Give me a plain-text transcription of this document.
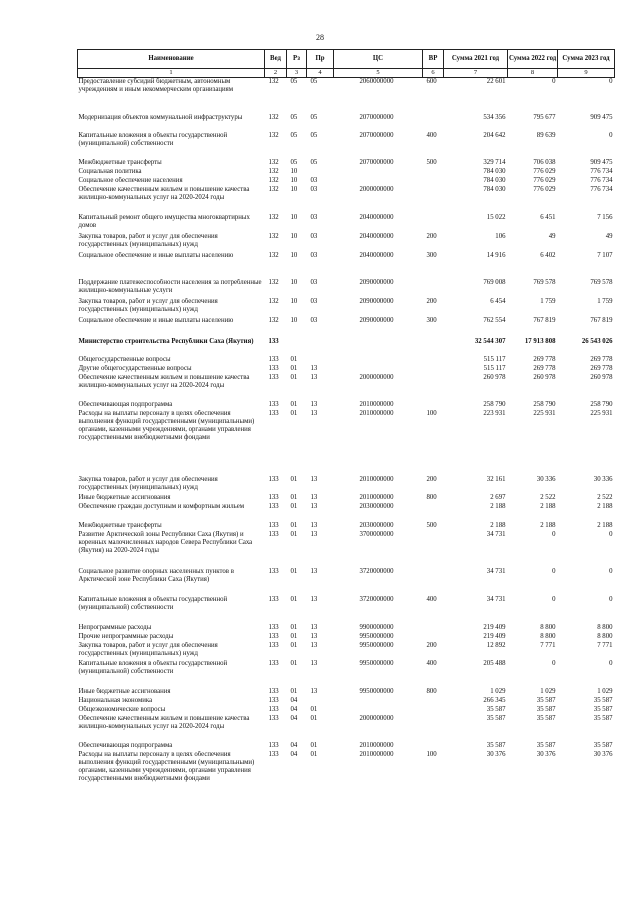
28
Наименование	Вед	Рз	Пр	ЦС	ВР	Сумма 2021 год	Сумма 2022 год	Сумма 2023 год
1	2	3	4	5	6	7	8	9
Предоставление субсидий бюджетным, автономным учреждениям и иным некоммерческим организациям	132	05	05	2060000000	600	22 601	0	0
Модернизация объектов коммунальной инфраструктуры	132	05	05	2070000000		534 356	795 677	909 475
Капитальные вложения в объекты государственной (муниципальной) собственности	132	05	05	2070000000	400	204 642	89 639	0
Межбюджетные трансферты	132	05	05	2070000000	500	329 714	706 038	909 475
Социальная политика	132	10				784 030	776 029	776 734
Социальное обеспечение населения	132	10	03			784 030	776 029	776 734
Обеспечение качественным жильем и повышение качества жилищно-коммунальных услуг на 2020-2024 годы	132	10	03	2000000000		784 030	776 029	776 734
Капитальный ремонт общего имущества многоквартирных домов	132	10	03	2040000000		15 022	6 451	7 156
Закупка товаров, работ и услуг для обеспечения государственных (муниципальных) нужд	132	10	03	2040000000	200	106	49	49
Социальное обеспечение и иные выплаты населению	132	10	03	2040000000	300	14 916	6 402	7 107
Поддержание платежеспособности населения за потребленные жилищно-коммунальные услуги	132	10	03	2090000000		769 008	769 578	769 578
Закупка товаров, работ и услуг для обеспечения государственных (муниципальных) нужд	132	10	03	2090000000	200	6 454	1 759	1 759
Социальное обеспечение и иные выплаты населению	132	10	03	2090000000	300	762 554	767 819	767 819
Министерство строительства Республики Саха (Якутия)	133					32 544 307	17 913 808	26 543 026
Общегосударственные вопросы	133	01				515 117	269 778	269 778
Другие общегосударственные вопросы	133	01	13			515 117	269 778	269 778
Обеспечение качественным жильем и повышение качества жилищно-коммунальных услуг на 2020-2024 годы	133	01	13	2000000000		260 978	260 978	260 978
Обеспечивающая подпрограмма	133	01	13	2010000000		258 790	258 790	258 790
Расходы на выплаты персоналу в целях обеспечения выполнения функций государственными (муниципальными) органами, казенными учреждениями, органами управления государственными внебюджетными фондами	133	01	13	2010000000	100	223 931	225 931	225 931
Закупка товаров, работ и услуг для обеспечения государственных (муниципальных) нужд	133	01	13	2010000000	200	32 161	30 336	30 336
Иные бюджетные ассигнования	133	01	13	2010000000	800	2 697	2 522	2 522
Обеспечение граждан доступным и комфортным жильем	133	01	13	2030000000		2 188	2 188	2 188
Межбюджетные трансферты	133	01	13	2030000000	500	2 188	2 188	2 188
Развитие Арктической зоны Республики Саха (Якутия) и коренных малочисленных народов Севера Республики Саха (Якутия) на 2020-2024 годы	133	01	13	3700000000		34 731	0	0
Социальное развитие опорных населенных пунктов в Арктической зоне Республики Саха (Якутия)	133	01	13	3720000000		34 731	0	0
Капитальные вложения в объекты государственной (муниципальной) собственности	133	01	13	3720000000	400	34 731	0	0
Непрограммные расходы	133	01	13	9900000000		219 409	8 800	8 800
Прочие непрограммные расходы	133	01	13	9950000000		219 409	8 800	8 800
Закупка товаров, работ и услуг для обеспечения государственных (муниципальных) нужд	133	01	13	9950000000	200	12 892	7 771	7 771
Капитальные вложения в объекты государственной (муниципальной) собственности	133	01	13	9950000000	400	205 488	0	0
Иные бюджетные ассигнования	133	01	13	9950000000	800	1 029	1 029	1 029
Национальная экономика	133	04				266 345	35 587	35 587
Общеэкономические вопросы	133	04	01			35 587	35 587	35 587
Обеспечение качественным жильем и повышение качества жилищно-коммунальных услуг на 2020-2024 годы	133	04	01	2000000000		35 587	35 587	35 587
Обеспечивающая подпрограмма	133	04	01	2010000000		35 587	35 587	35 587
Расходы на выплаты персоналу в целях обеспечения выполнения функций государственными (муниципальными) органами, казенными учреждениями, органами управления государственными внебюджетными фондами	133	04	01	2010000000	100	30 376	30 376	30 376
